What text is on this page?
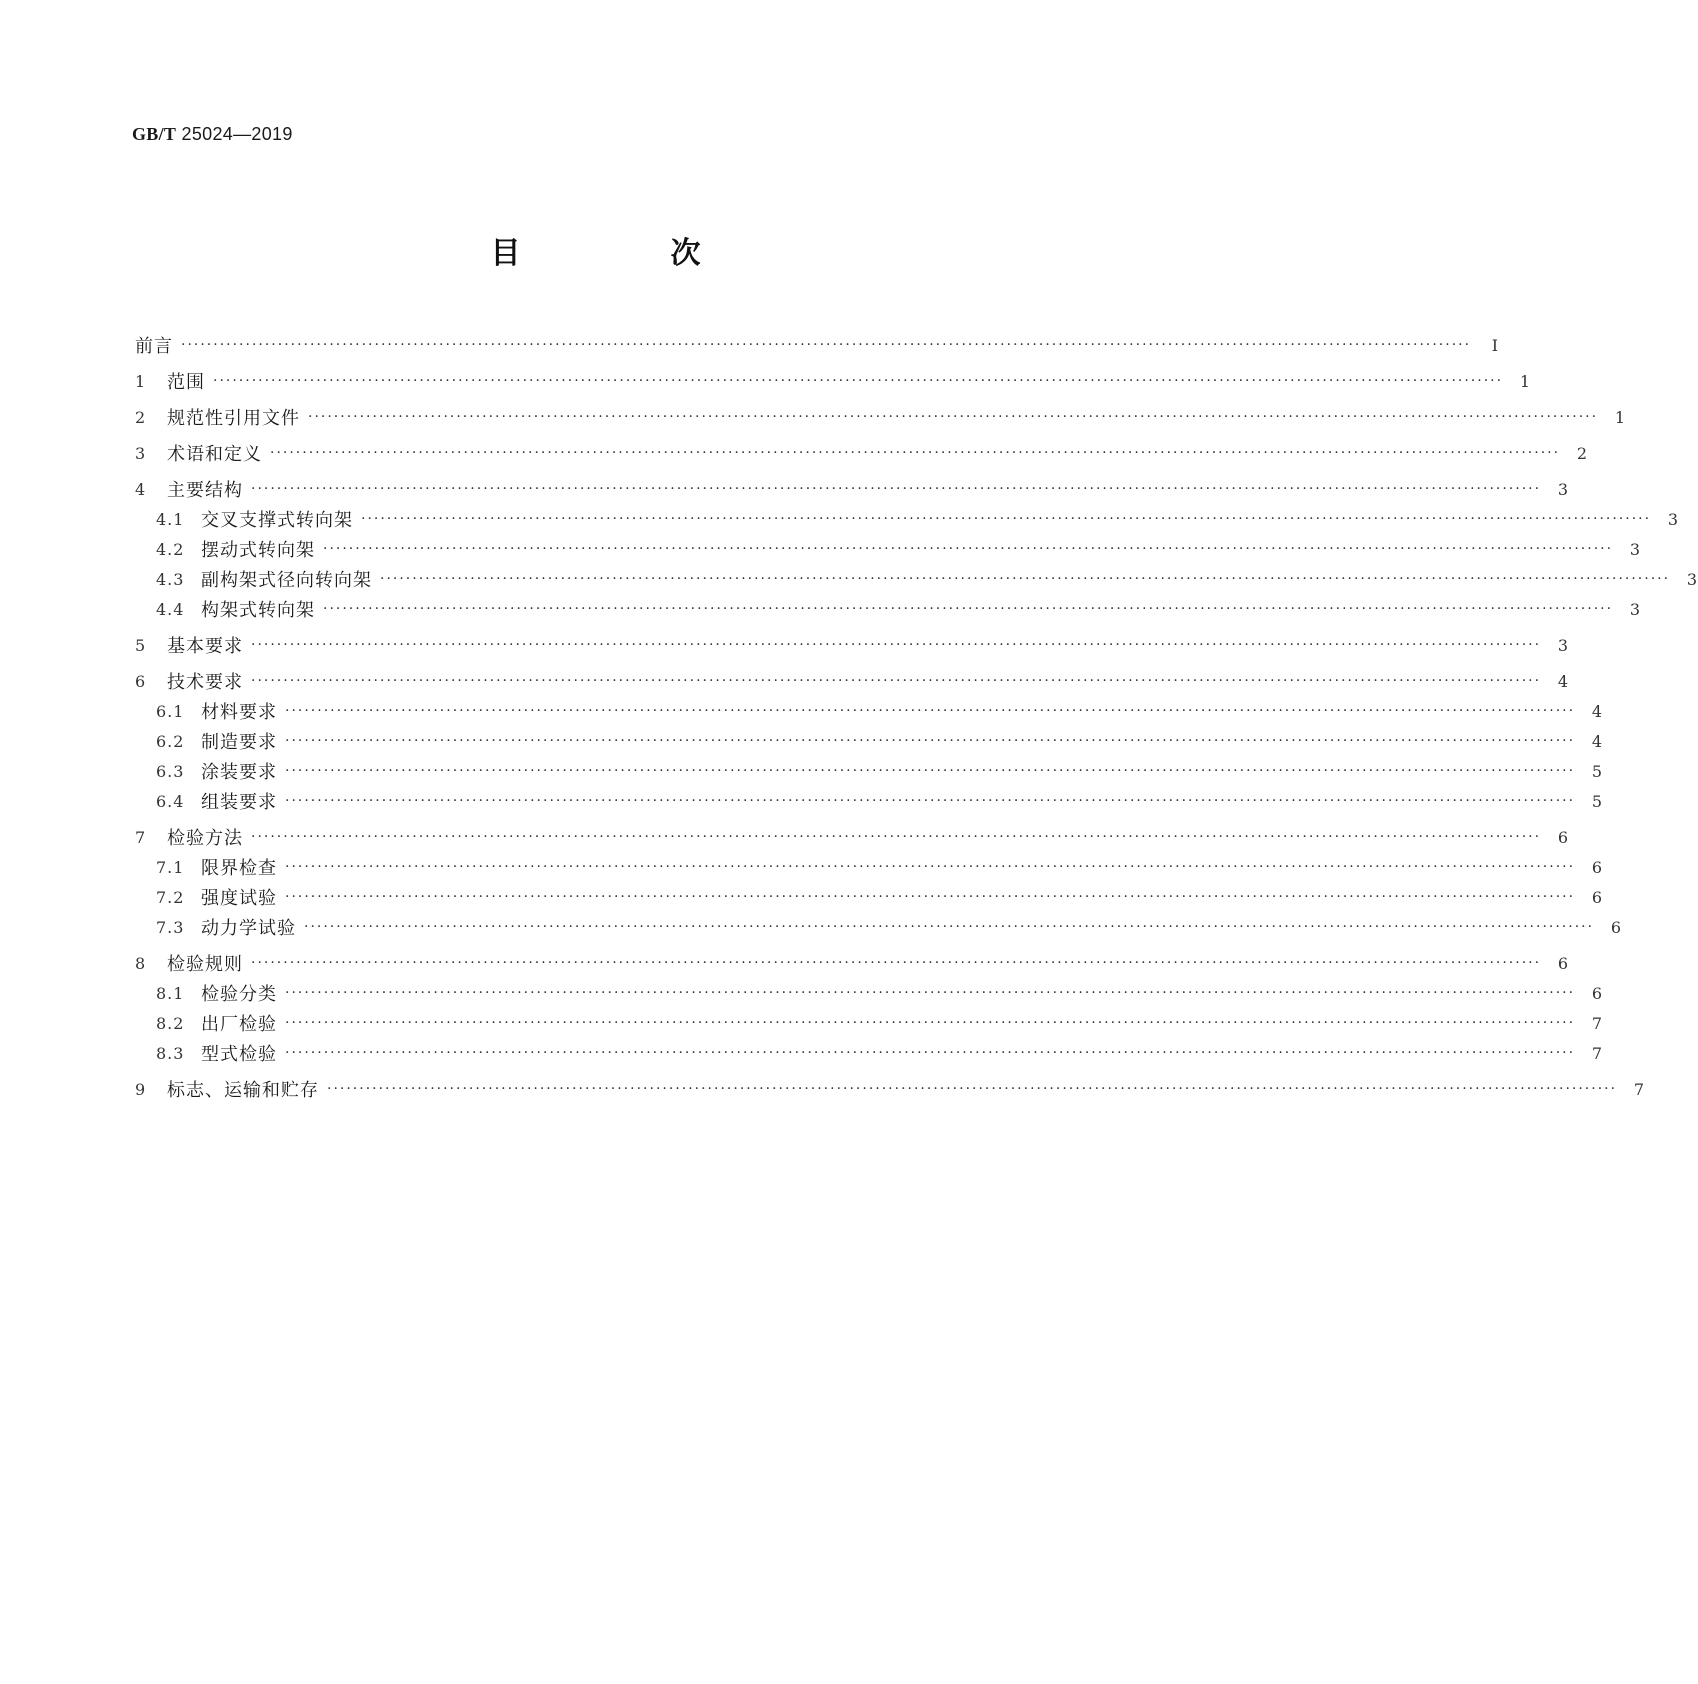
GB/T 25024—2019
目　次
前言 ········································································································································································································	Ⅰ
1	范围 ········································································································································································································	1
2	规范性引用文件 ········································································································································································································	1
3	术语和定义 ········································································································································································································	2
4	主要结构 ········································································································································································································	3
4.1 交叉支撑式转向架 ········································································································································································································	3
4.2 摆动式转向架 ········································································································································································································	3
4.3 副构架式径向转向架 ········································································································································································································	3
4.4 构架式转向架 ········································································································································································································	3
5	基本要求 ········································································································································································································	3
6	技术要求 ········································································································································································································	4
6.1 材料要求 ········································································································································································································	4
6.2 制造要求 ········································································································································································································	4
6.3 涂装要求 ········································································································································································································	5
6.4 组装要求 ········································································································································································································	5
7	检验方法 ········································································································································································································	6
7.1 限界检查 ········································································································································································································	6
7.2 强度试验 ········································································································································································································	6
7.3 动力学试验 ········································································································································································································	6
8	检验规则 ········································································································································································································	6
8.1 检验分类 ········································································································································································································	6
8.2 出厂检验 ········································································································································································································	7
8.3 型式检验 ········································································································································································································	7
9	标志、运输和贮存 ········································································································································································································	7
